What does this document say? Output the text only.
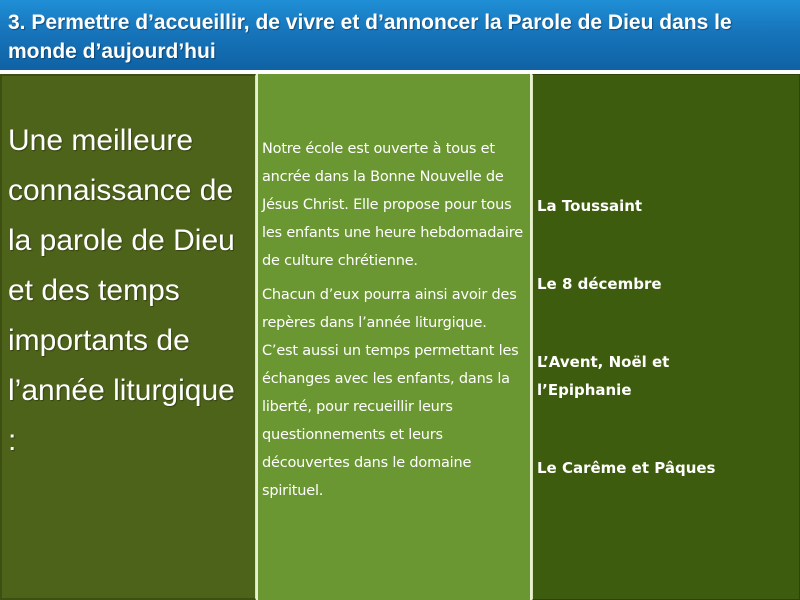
3. Permettre d’accueillir, de vivre et d’annoncer la Parole de Dieu dans le monde d’aujourd’hui
Une meilleure connaissance de la parole de Dieu et des temps importants de l’année liturgique :

Notre école est ouverte à tous et ancrée dans la Bonne Nouvelle de Jésus Christ. Elle propose pour tous les enfants une heure hebdomadaire de culture chrétienne.

Chacun d’eux pourra ainsi avoir des repères dans l’année liturgique. C’est aussi un temps permettant les échanges avec les enfants, dans la liberté, pour recueillir leurs questionnements et leurs découvertes dans le domaine spirituel.

La Toussaint
Le 8 décembre
L’Avent, Noël et l’Epiphanie
Le Carême et Pâques
